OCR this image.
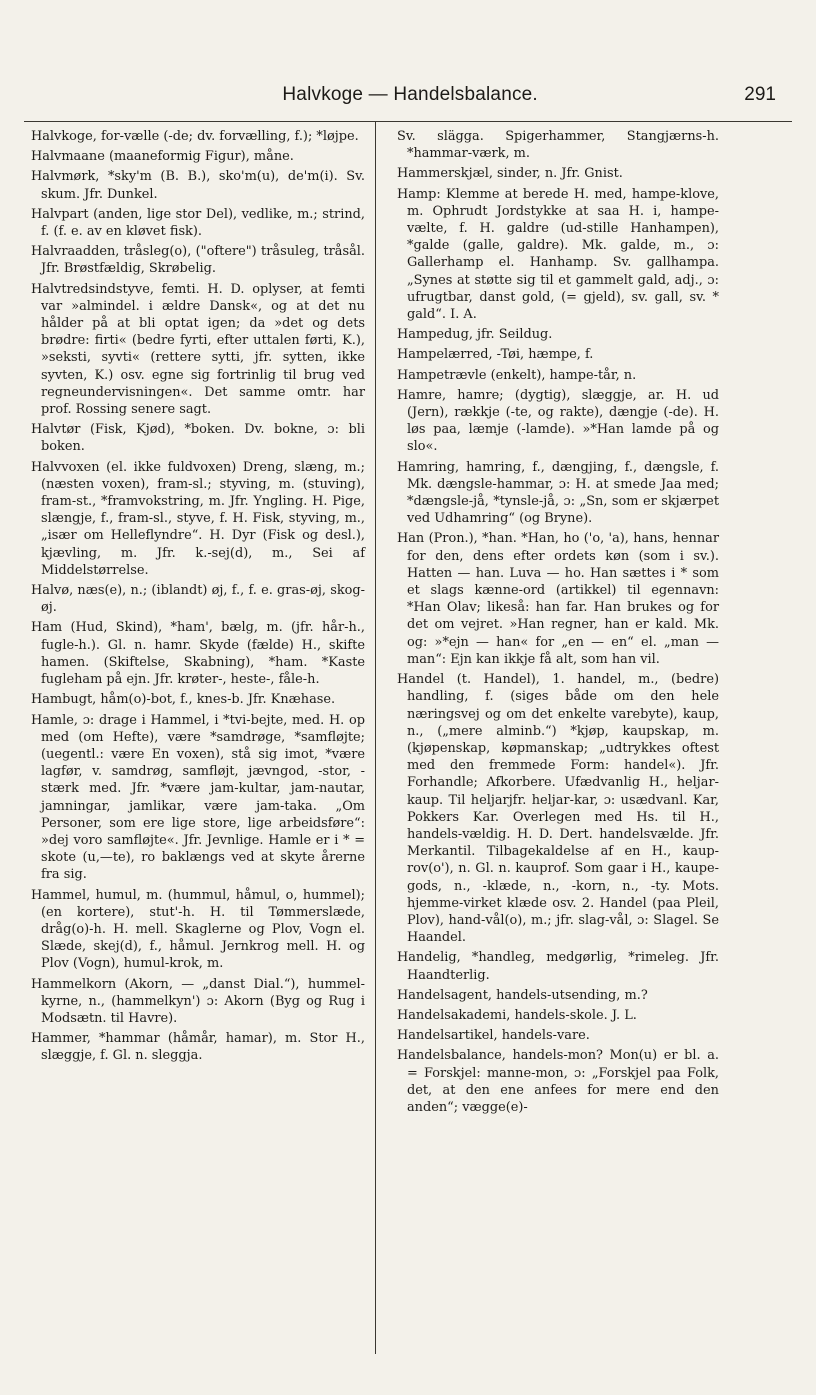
Halvkoge — Handelsbalance.	291

Halvkoge, for-vælle (-de; dv. forvælling, f.); *løjpe.

Halvmaane (maaneformig Figur), måne.

Halvmørk, *sky'm (B. B.), sko'm(u), de'm(i). Sv. skum. Jfr. Dunkel.

Halvpart (anden, lige stor Del), vedlike, m.; strind, f. (f. e. av en kløvet fisk).

Halvraadden, tråsleg(o), ("oftere") tråsuleg, tråsål. Jfr. Brøstfældig, Skrøbelig.

Halvtredsindstyve, femti. H. D. oplyser, at femti var »almindel. i ældre Dansk«, og at det nu hålder på at bli optat igen; da »det og dets brødre: firti« (bedre fyrti, efter uttalen førti, K.), »seksti, syvti« (rettere sytti, jfr. sytten, ikke syvten, K.) osv. egne sig fortrinlig til brug ved regneundervisningen«. Det samme omtr. har prof. Rossing senere sagt.

Halvtør (Fisk, Kjød), *boken. Dv. bokne, ɔ: bli boken.

Halvvoxen (el. ikke fuldvoxen) Dreng, slæng, m.; (næsten voxen), fram-sl.; styving, m. (stuving), fram-st., *framvokstring, m. Jfr. Yngling. H. Pige, slængje, f., fram-sl., styve, f. H. Fisk, styving, m., „især om Helleflyndre“. H. Dyr (Fisk og desl.), kjævling, m. Jfr. k.-sej(d), m., Sei af Middelstørrelse.

Halvø, næs(e), n.; (iblandt) øj, f., f. e. gras-øj, skog-øj.

Ham (Hud, Skind), *ham', bælg, m. (jfr. hår-h., fugle-h.). Gl. n. hamr. Skyde (fælde) H., skifte hamen. (Skiftelse, Skabning), *ham. *Kaste fugleham på ejn. Jfr. krøter-, heste-, fåle-h.

Hambugt, håm(o)-bot, f., knes-b. Jfr. Knæhase.

Hamle, ɔ: drage i Hammel, i *tvi-bejte, med. H. op med (om Hefte), være *samdrøge, *samfløjte; (uegentl.: være En voxen), stå sig imot, *være lagfør, v. samdrøg, samfløjt, jævngod, -stor, -stærk med. Jfr. *være jam-kultar, jam-nautar, jamningar, jamlikar, være jam-taka. „Om Personer, som ere lige store, lige arbeidsføre“: »dej voro samfløjte«. Jfr. Jevnlige. Hamle er i * = skote (u,—te), ro baklængs ved at skyte årerne fra sig.

Hammel, humul, m. (hummul, håmul, o, hummel); (en kortere), stut'-h. H. til Tømmerslæde, dråg(o)-h. H. mell. Skaglerne og Plov, Vogn el. Slæde, skej(d), f., håmul. Jernkrog mell. H. og Plov (Vogn), humul-krok, m.

Hammelkorn (Akorn, — „danst Dial.“), hummel-kyrne, n., (hammelkyn') ɔ: Akorn (Byg og Rug i Modsætn. til Havre).

Hammer, *hammar (håmår, hamar), m. Stor H., slæggje, f. Gl. n. sleggja.

Sv. slägga. Spigerhammer, Stangjærns-h. *hammar-værk, m.

Hammerskjæl, sinder, n. Jfr. Gnist.

Hamp: Klemme at berede H. med, hampe-klove, m. Ophrudt Jordstykke at saa H. i, hampe-vælte, f. H. galdre (ud-stille Hanhampen), *galde (galle, galdre). Mk. galde, m., ɔ: Gallerhamp el. Hanhamp. Sv. gallhampa. „Synes at støtte sig til et gammelt gald, adj., ɔ: ufrugtbar, danst gold, (= gjeld), sv. gall, sv. * gald“. I. A.

Hampedug, jfr. Seildug.

Hampelærred, -Tøi, hæmpe, f.

Hampetrævle (enkelt), hampe-tår, n.

Hamre, hamre; (dygtig), slæggje, ar. H. ud (Jern), rækkje (-te, og rakte), dængje (-de). H. løs paa, læmje (-lamde). »*Han lamde på og slo«.

Hamring, hamring, f., dængjing, f., dængsle, f. Mk. dængsle-hammar, ɔ: H. at smede Jaa med; *dængsle-jå, *tynsle-jå, ɔ: „Sn, som er skjærpet ved Udhamring“ (og Bryne).

Han (Pron.), *han. *Han, ho ('o, 'a), hans, hennar for den, dens efter ordets køn (som i sv.). Hatten — han. Luva — ho. Han sættes i * som et slags kænne-ord (artikkel) til egennavn: *Han Olav; likeså: han far. Han brukes og for det om vejret. »Han regner, han er kald. Mk. og: »*ejn — han« for „en — en“ el. „man — man“: Ejn kan ikkje få alt, som han vil.

Handel (t. Handel), 1. handel, m., (bedre) handling, f. (siges både om den hele næringsvej og om det enkelte varebyte), kaup, n., („mere alminb.“) *kjøp, kaupskap, m. (kjøpenskap, køpmanskap; „udtrykkes oftest med den fremmede Form: handel«). Jfr. Forhandle; Afkorbere. Ufædvanlig H., heljar-kaup. Til heljarjfr. heljar-kar, ɔ: usædvanl. Kar, Pokkers Kar. Overlegen med Hs. til H., handels-vældig. H. D. Dert. handelsvælde. Jfr. Merkantil. Tilbagekaldelse af en H., kaup-rov(o'), n. Gl. n. kauprof. Som gaar i H., kaupe-gods, n., -klæde, n., -korn, n., -ty. Mots. hjemme-virket klæde osv. 2. Handel (paa Pleil, Plov), hand-vål(o), m.; jfr. slag-vål, ɔ: Slagel. Se Haandel.

Handelig, *handleg, medgørlig, *rimeleg. Jfr. Haandterlig.

Handelsagent, handels-utsending, m.?

Handelsakademi, handels-skole. J. L.

Handelsartikel, handels-vare.

Handelsbalance, handels-mon? Mon(u) er bl. a. = Forskjel: manne-mon, ɔ: „Forskjel paa Folk, det, at den ene anfees for mere end den anden“; vægge(e)-
